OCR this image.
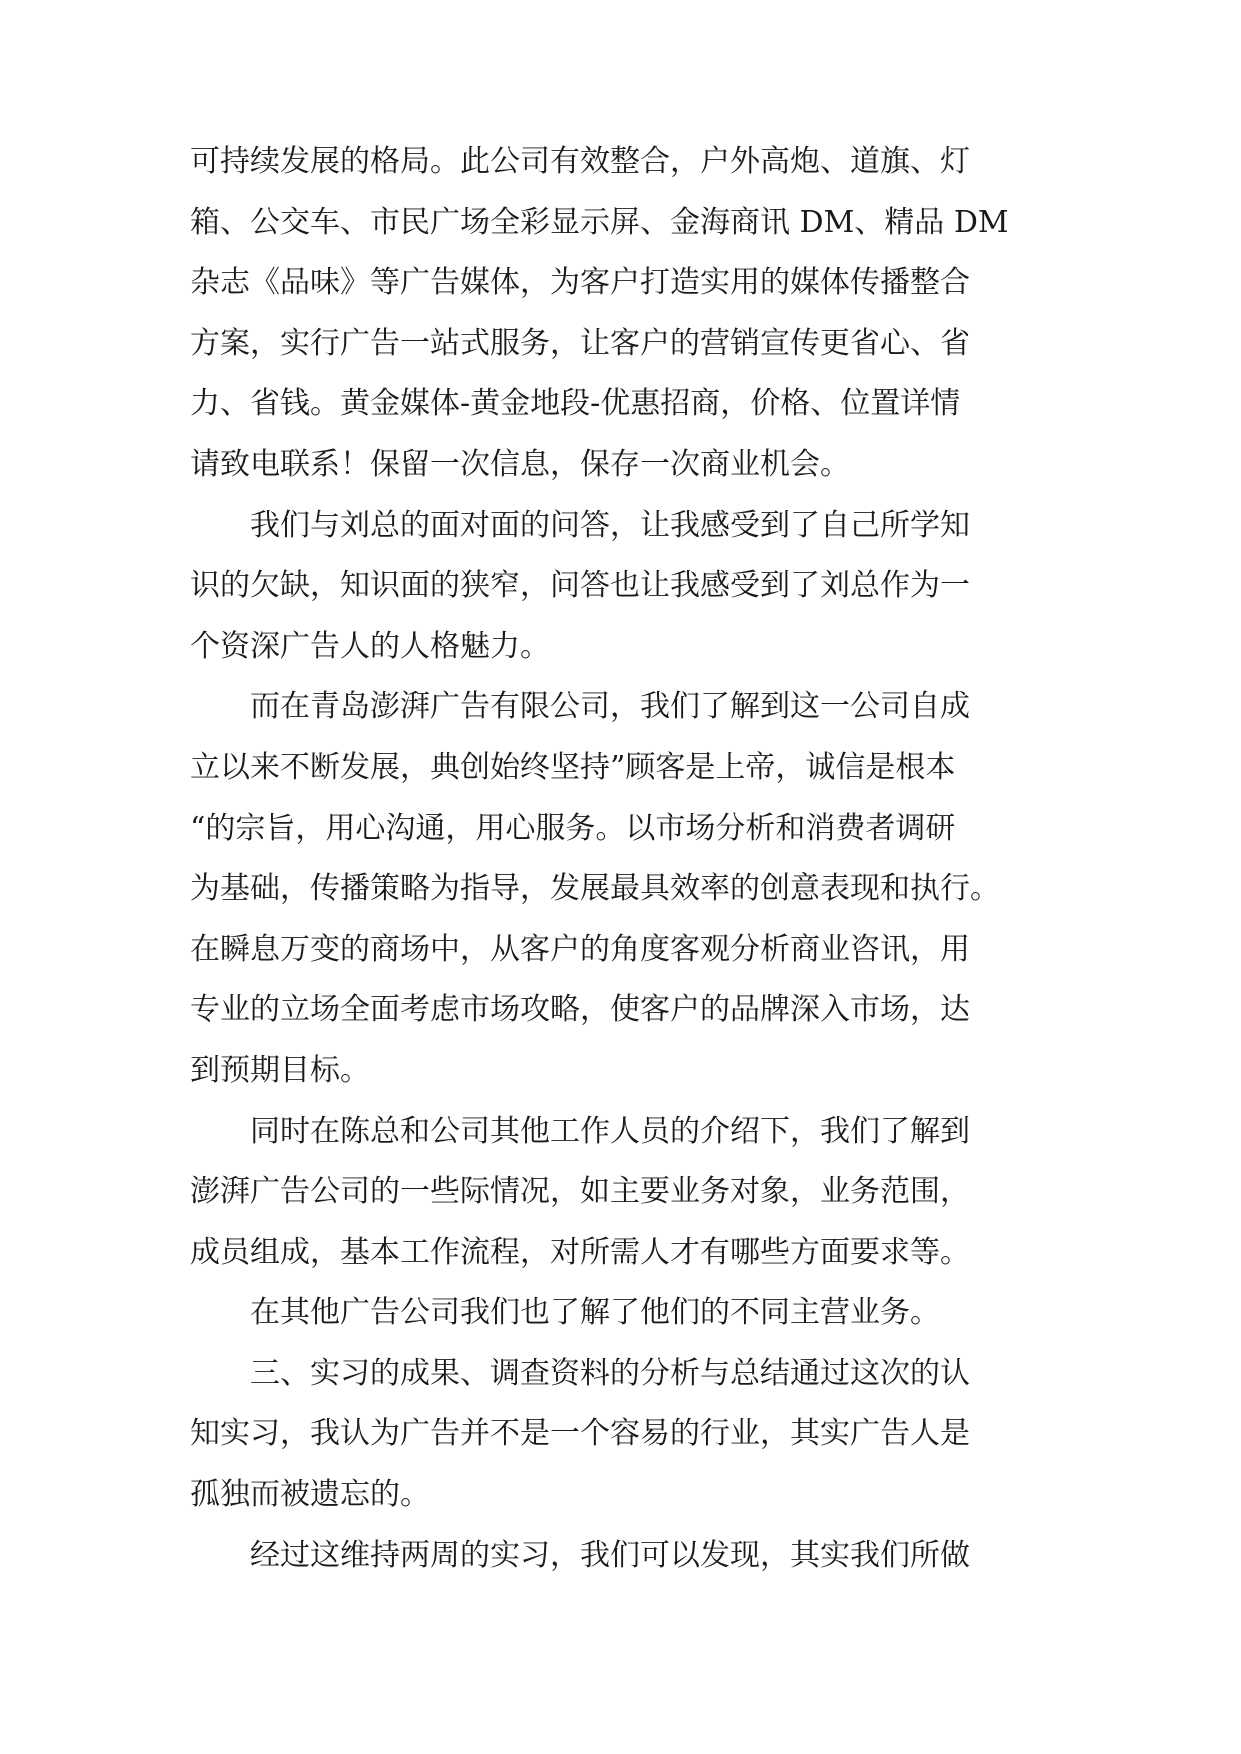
可持续发展的格局。此公司有效整合，户外高炮、道旗、灯
箱、公交车、市民广场全彩显示屏、金海商讯 DM、精品 DM
杂志《品味》等广告媒体，为客户打造实用的媒体传播整合
方案，实行广告一站式服务，让客户的营销宣传更省心、省
力、省钱。黄金媒体-黄金地段-优惠招商，价格、位置详情
请致电联系！保留一次信息，保存一次商业机会。
我们与刘总的面对面的问答，让我感受到了自己所学知
识的欠缺，知识面的狭窄，问答也让我感受到了刘总作为一
个资深广告人的人格魅力。
而在青岛澎湃广告有限公司，我们了解到这一公司自成
立以来不断发展，典创始终坚持”顾客是上帝，诚信是根本
“的宗旨，用心沟通，用心服务。以市场分析和消费者调研
为基础，传播策略为指导，发展最具效率的创意表现和执行。
在瞬息万变的商场中，从客户的角度客观分析商业咨讯，用
专业的立场全面考虑市场攻略，使客户的品牌深入市场，达
到预期目标。
同时在陈总和公司其他工作人员的介绍下，我们了解到
澎湃广告公司的一些际情况，如主要业务对象，业务范围，
成员组成，基本工作流程，对所需人才有哪些方面要求等。
在其他广告公司我们也了解了他们的不同主营业务。
三、实习的成果、调查资料的分析与总结通过这次的认
知实习，我认为广告并不是一个容易的行业，其实广告人是
孤独而被遗忘的。
经过这维持两周的实习，我们可以发现，其实我们所做
